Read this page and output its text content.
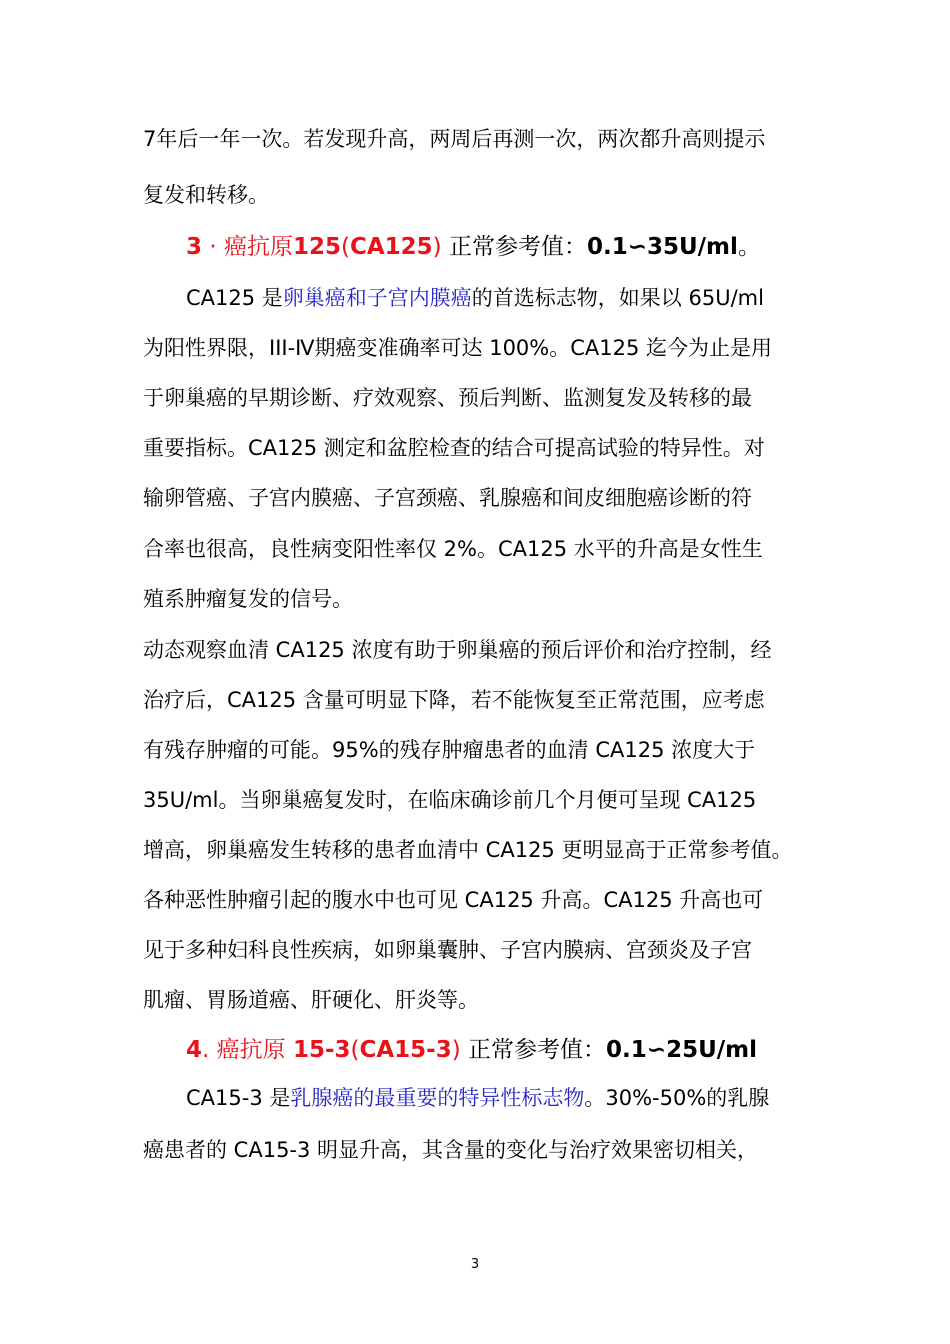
7年后一年一次。若发现升高，两周后再测一次，两次都升高则提示
复发和转移。
3 · 癌抗原125(CA125) 正常参考值：0.1∽35U/ml。
CA125 是卵巢癌和子宫内膜癌的首选标志物，如果以 65U/ml
为阳性界限，III-Ⅳ期癌变准确率可达 100%。CA125 迄今为止是用
于卵巢癌的早期诊断、疗效观察、预后判断、监测复发及转移的最
重要指标。CA125 测定和盆腔检查的结合可提高试验的特异性。对
输卵管癌、子宫内膜癌、子宫颈癌、乳腺癌和间皮细胞癌诊断的符
合率也很高，良性病变阳性率仅 2%。CA125 水平的升高是女性生
殖系肿瘤复发的信号。
动态观察血清 CA125 浓度有助于卵巢癌的预后评价和治疗控制，经
治疗后，CA125 含量可明显下降，若不能恢复至正常范围，应考虑
有残存肿瘤的可能。95%的残存肿瘤患者的血清 CA125 浓度大于
35U/ml。当卵巢癌复发时，在临床确诊前几个月便可呈现 CA125
增高，卵巢癌发生转移的患者血清中 CA125 更明显高于正常参考值。
各种恶性肿瘤引起的腹水中也可见 CA125 升高。CA125 升高也可
见于多种妇科良性疾病，如卵巢囊肿、子宫内膜病、宫颈炎及子宫
肌瘤、胃肠道癌、肝硬化、肝炎等。
4. 癌抗原 15-3(CA15-3) 正常参考值：0.1∽25U/ml
CA15-3 是乳腺癌的最重要的特异性标志物。30%-50%的乳腺
癌患者的 CA15-3 明显升高，其含量的变化与治疗效果密切相关，
3
